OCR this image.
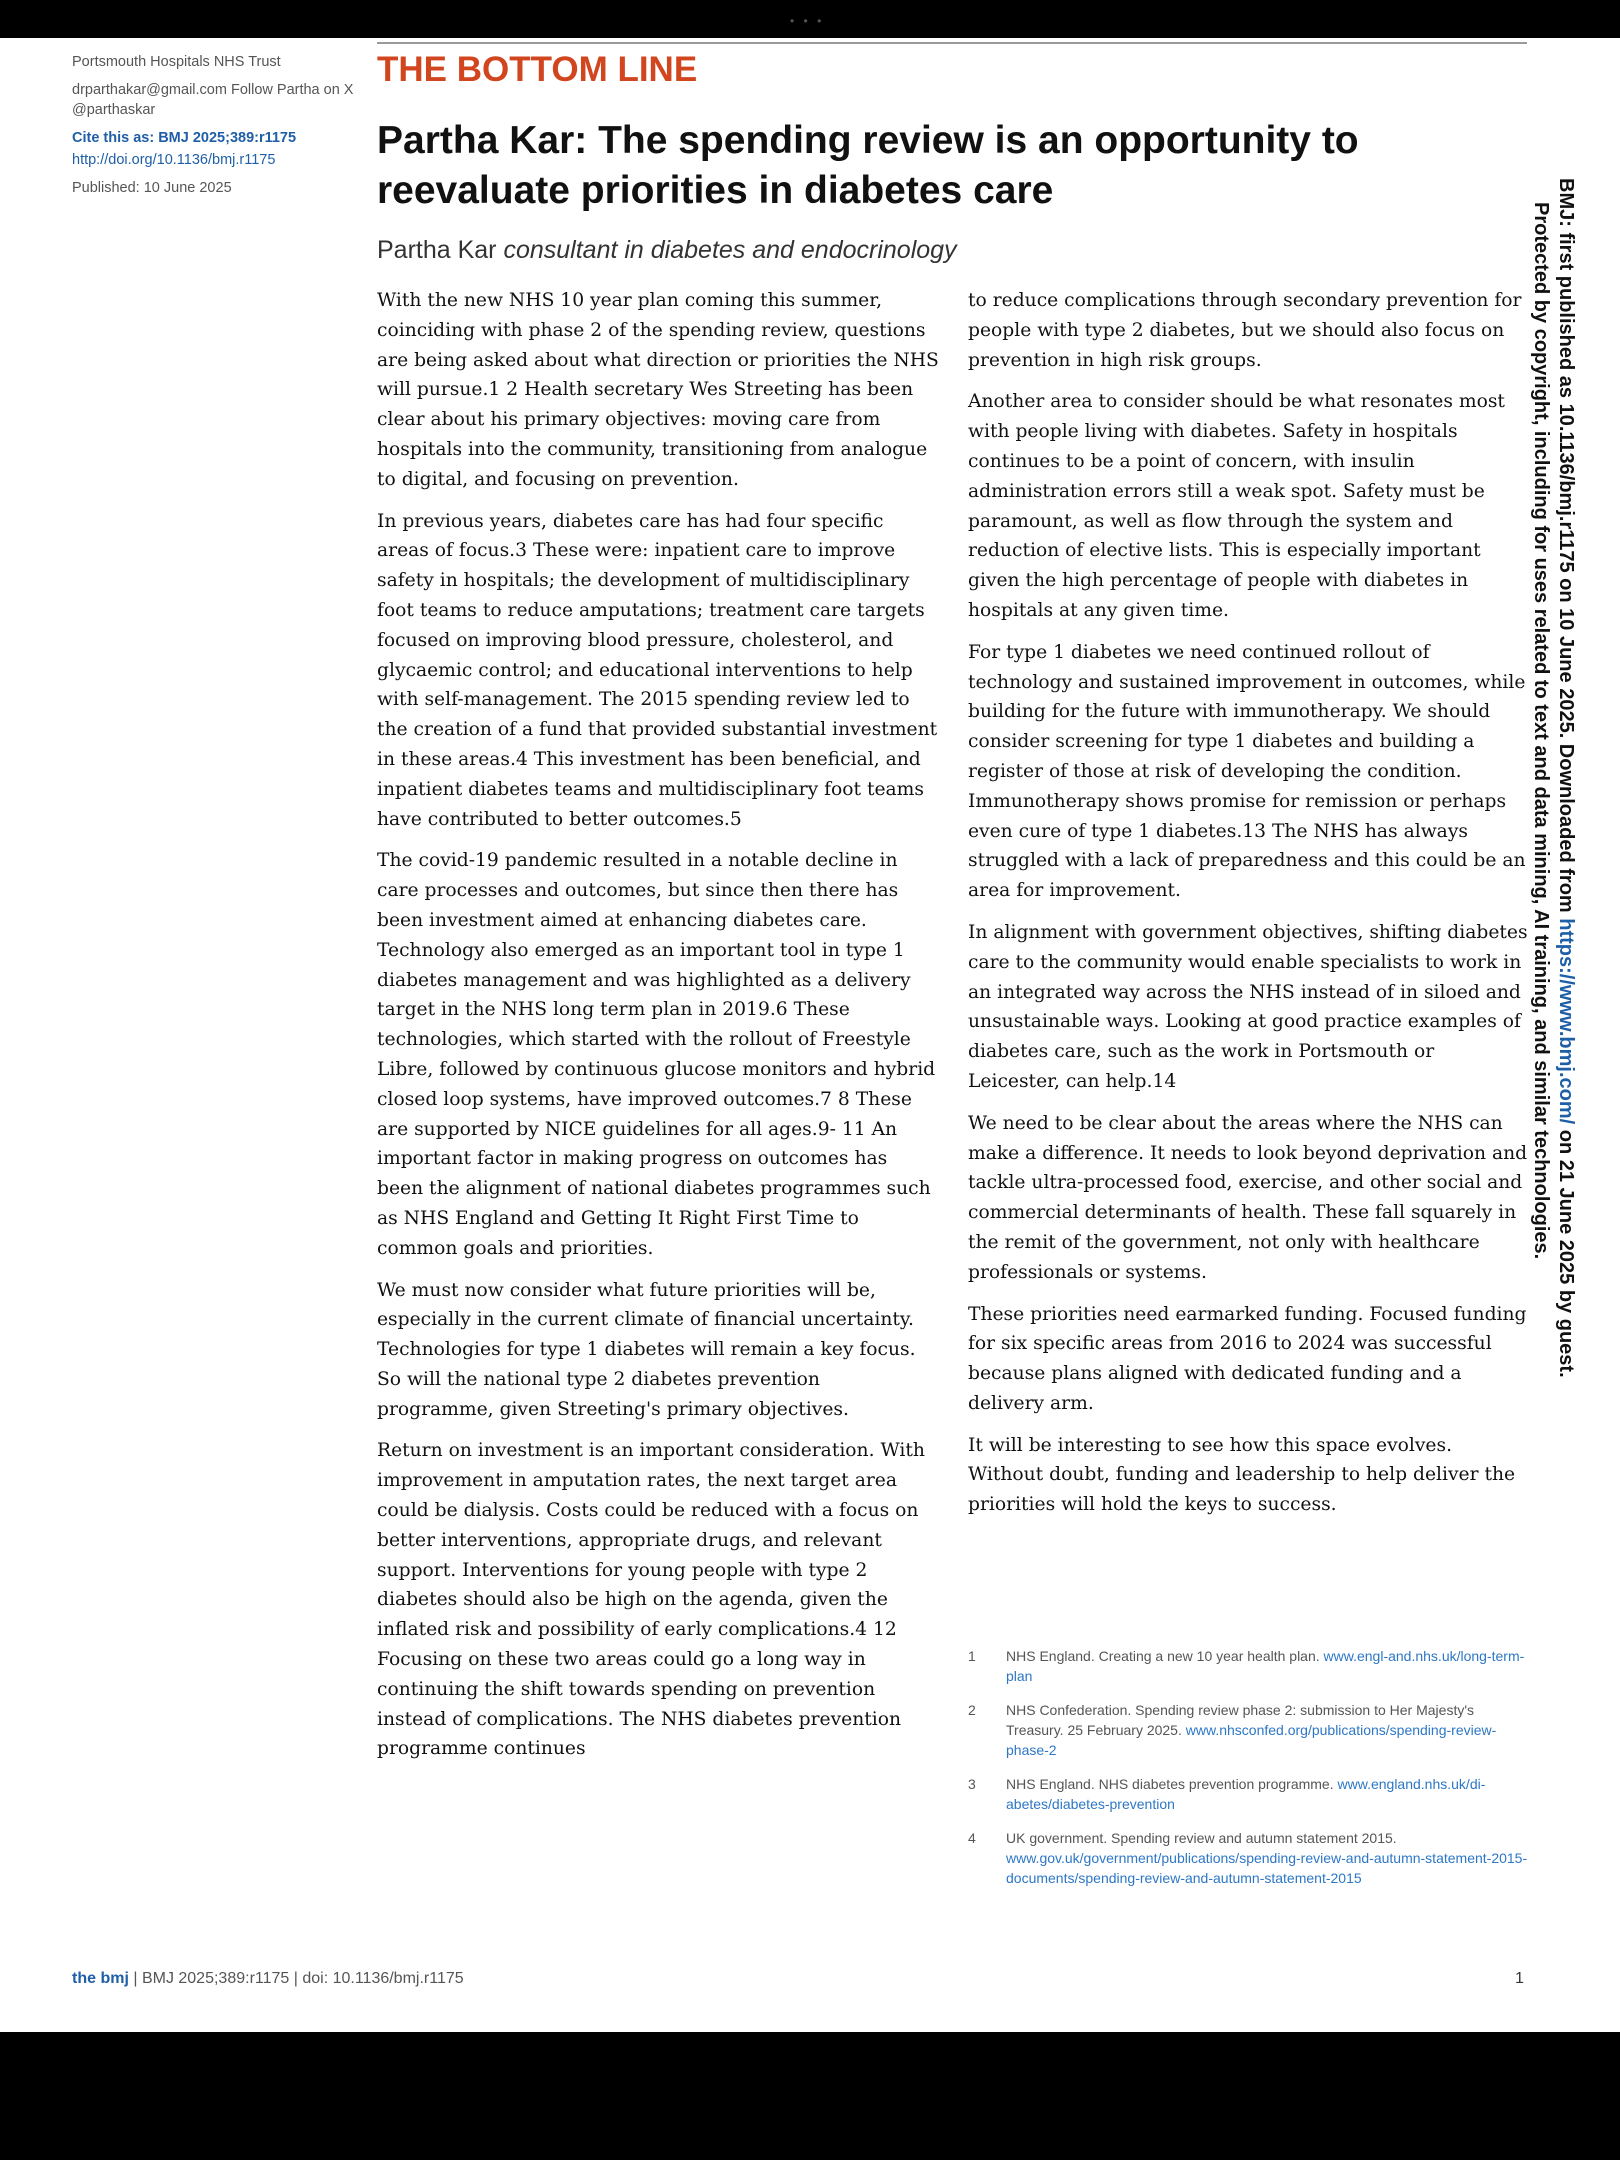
• • •
Portsmouth Hospitals NHS Trust
drparthakar@gmail.com Follow Partha on X @parthaskar
Cite this as: BMJ 2025;389:r1175
http://doi.org/10.1136/bmj.r1175
Published: 10 June 2025
THE BOTTOM LINE
Partha Kar: The spending review is an opportunity to reevaluate priorities in diabetes care
Partha Kar consultant in diabetes and endocrinology

With the new NHS 10 year plan coming this summer, coinciding with phase 2 of the spending review, questions are being asked about what direction or priorities the NHS will pursue.1 2 Health secretary Wes Streeting has been clear about his primary objectives: moving care from hospitals into the community, transitioning from analogue to digital, and focusing on prevention.

In previous years, diabetes care has had four specific areas of focus.3 These were: inpatient care to improve safety in hospitals; the development of multidisciplinary foot teams to reduce amputations; treatment care targets focused on improving blood pressure, cholesterol, and glycaemic control; and educational interventions to help with self-management. The 2015 spending review led to the creation of a fund that provided substantial investment in these areas.4 This investment has been beneficial, and inpatient diabetes teams and multidisciplinary foot teams have contributed to better outcomes.5

The covid-19 pandemic resulted in a notable decline in care processes and outcomes, but since then there has been investment aimed at enhancing diabetes care. Technology also emerged as an important tool in type 1 diabetes management and was highlighted as a delivery target in the NHS long term plan in 2019.6 These technologies, which started with the rollout of Freestyle Libre, followed by continuous glucose monitors and hybrid closed loop systems, have improved outcomes.7 8 These are supported by NICE guidelines for all ages.9- 11 An important factor in making progress on outcomes has been the alignment of national diabetes programmes such as NHS England and Getting It Right First Time to common goals and priorities.

We must now consider what future priorities will be, especially in the current climate of financial uncertainty. Technologies for type 1 diabetes will remain a key focus. So will the national type 2 diabetes prevention programme, given Streeting's primary objectives.

Return on investment is an important consideration. With improvement in amputation rates, the next target area could be dialysis. Costs could be reduced with a focus on better interventions, appropriate drugs, and relevant support. Interventions for young people with type 2 diabetes should also be high on the agenda, given the inflated risk and possibility of early complications.4 12 Focusing on these two areas could go a long way in continuing the shift towards spending on prevention instead of complications. The NHS diabetes prevention programme continues

to reduce complications through secondary prevention for people with type 2 diabetes, but we should also focus on prevention in high risk groups.

Another area to consider should be what resonates most with people living with diabetes. Safety in hospitals continues to be a point of concern, with insulin administration errors still a weak spot. Safety must be paramount, as well as flow through the system and reduction of elective lists. This is especially important given the high percentage of people with diabetes in hospitals at any given time.

For type 1 diabetes we need continued rollout of technology and sustained improvement in outcomes, while building for the future with immunotherapy. We should consider screening for type 1 diabetes and building a register of those at risk of developing the condition. Immunotherapy shows promise for remission or perhaps even cure of type 1 diabetes.13 The NHS has always struggled with a lack of preparedness and this could be an area for improvement.

In alignment with government objectives, shifting diabetes care to the community would enable specialists to work in an integrated way across the NHS instead of in siloed and unsustainable ways. Looking at good practice examples of diabetes care, such as the work in Portsmouth or Leicester, can help.14

We need to be clear about the areas where the NHS can make a difference. It needs to look beyond deprivation and tackle ultra-processed food, exercise, and other social and commercial determinants of health. These fall squarely in the remit of the government, not only with healthcare professionals or systems.

These priorities need earmarked funding. Focused funding for six specific areas from 2016 to 2024 was successful because plans aligned with dedicated funding and a delivery arm.

It will be interesting to see how this space evolves. Without doubt, funding and leadership to help deliver the priorities will hold the keys to success.

1	NHS England. Creating a new 10 year health plan. www.engl-and.nhs.uk/long-term-plan
2	NHS Confederation. Spending review phase 2: submission to Her Majesty's Treasury. 25 February 2025. www.nhsconfed.org/publications/spending-review-phase-2
3	NHS England. NHS diabetes prevention programme. www.england.nhs.uk/di-abetes/diabetes-prevention
4	UK government. Spending review and autumn statement 2015. www.gov.uk/government/publications/spending-review-and-autumn-statement-2015-documents/spending-review-and-autumn-statement-2015
BMJ: first published as 10.1136/bmj.r1175 on 10 June 2025. Downloaded from https://www.bmj.com/ on 21 June 2025 by guest.
Protected by copyright, including for uses related to text and data mining, AI training, and similar technologies.
the bmj | BMJ 2025;389:r1175 | doi: 10.1136/bmj.r1175	1
